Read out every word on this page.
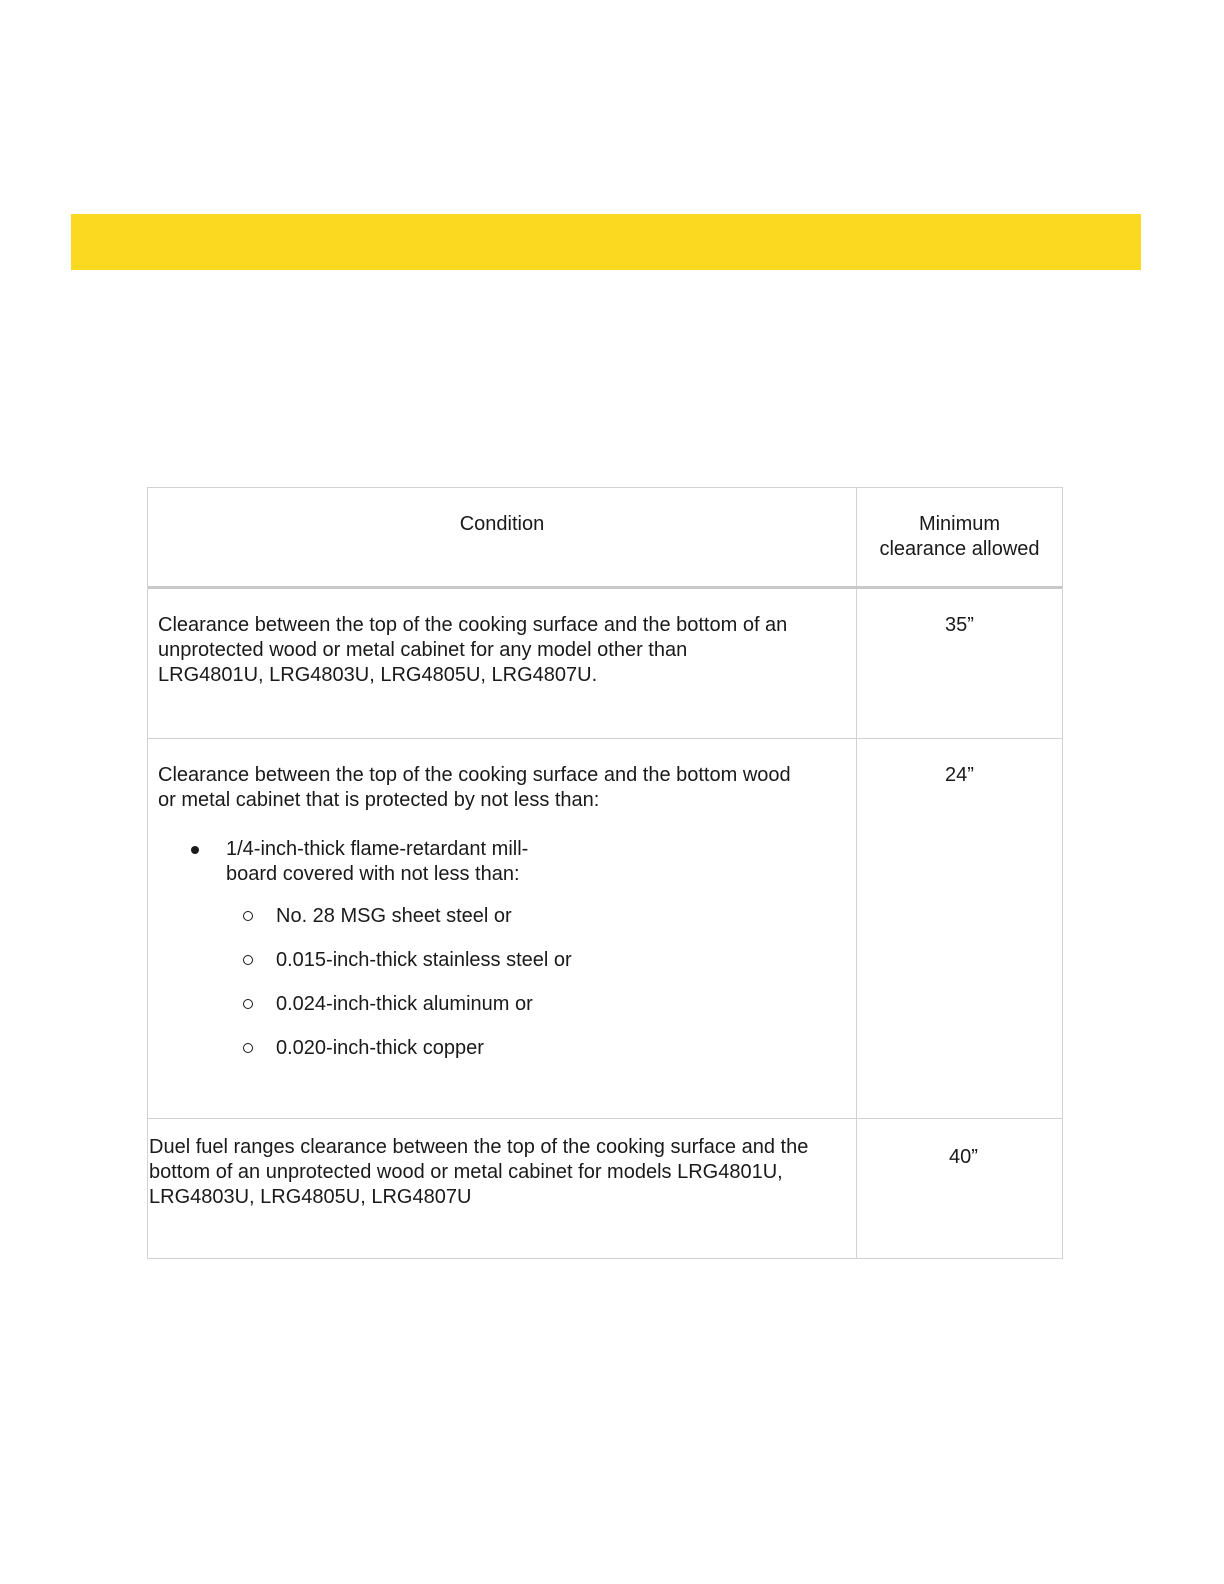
Condition	Minimum
clearance allowed
Clearance between the top of the cooking surface and the bottom of an
unprotected wood or metal cabinet for any model other than
LRG4801U, LRG4803U, LRG4805U, LRG4807U.
35”
Clearance between the top of the cooking surface and the bottom wood
or metal cabinet that is protected by not less than:
1/4-inch-thick flame-retardant mill-
board covered with not less than:
No. 28 MSG sheet steel or
0.015-inch-thick stainless steel or
0.024-inch-thick aluminum or
0.020-inch-thick copper
24”
Duel fuel ranges clearance between the top of the cooking surface and the
bottom of an unprotected wood or metal cabinet for models LRG4801U,
LRG4803U, LRG4805U, LRG4807U
40”
